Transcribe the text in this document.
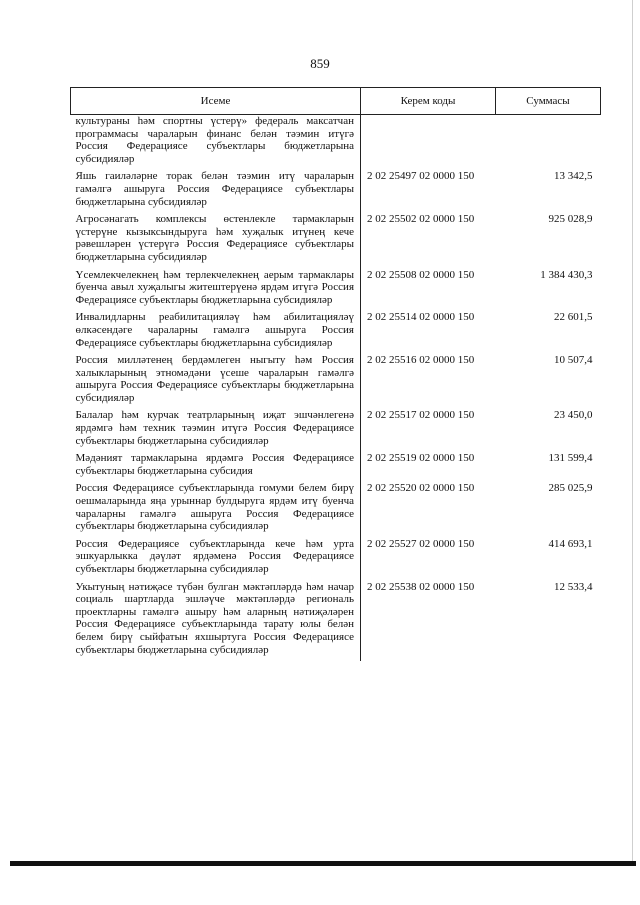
859
Исеме	Керем коды	Суммасы
культураны һәм спортны үстерү» федераль максатчан программасы чараларын финанс белән тәэмин итүгә Россия Федерациясе субъектлары бюджетларына субсидияләр		
Яшь гаиләләрне торак белән тәэмин итү чараларын гамәлгә ашыруга Россия Федерациясе субъектлары бюджетларына субсидияләр	2 02 25497 02 0000 150	13 342,5
Агросәнагать комплексы өстенлекле тармакларын үстерүне кызыксындыруга һәм хуҗалык итүнең кече рәвешләрен үстерүгә Россия Федерациясе субъектлары бюджетларына субсидияләр	2 02 25502 02 0000 150	925 028,9
Үсемлекчелекнең һәм терлекчелекнең аерым тармаклары буенча авыл хуҗалыгы житештерүенә ярдәм итүгә Россия Федерациясе субъектлары бюджетларына субсидияләр	2 02 25508 02 0000 150	1 384 430,3
Инвалидларны реабилитацияләү һәм абилитацияләү өлкәсендәге чараларны гамәлгә ашыруга Россия Федерациясе субъектлары бюджетларына субсидияләр	2 02 25514 02 0000 150	22 601,5
Россия милләтенең бердәмлеген ныгыту һәм Россия халыкларының этномәдәни үсеше чараларын гамәлгә ашыруга Россия Федерациясе субъектлары бюджетларына субсидияләр	2 02 25516 02 0000 150	10 507,4
Балалар һәм курчак театрларының иҗат эшчәнлегенә ярдәмгә һәм техник тәэмин итүгә Россия Федерациясе субъектлары бюджетларына субсидияләр	2 02 25517 02 0000 150	23 450,0
Мәдәният тармакларына ярдәмгә Россия Федерациясе субъектлары бюджетларына субсидия	2 02 25519 02 0000 150	131 599,4
Россия Федерациясе субъектларында гомуми белем бирү оешмаларында яңа урыннар булдыруга ярдәм итү буенча чараларны гамәлгә ашыруга Россия Федерациясе субъектлары бюджетларына субсидияләр	2 02 25520 02 0000 150	285 025,9
Россия Федерациясе субъектларында кече һәм урта эшкуарлыкка дәүләт ярдәменә Россия Федерациясе субъектлары бюджетларына субсидияләр	2 02 25527 02 0000 150	414 693,1
Укытуның нәтиҗәсе түбән булган мәктәпләрдә һәм начар социаль шартларда эшләүче мәктәпләрдә региональ проектларны гамәлгә ашыру һәм аларның нәтиҗәләрен Россия Федерациясе субъектларында тарату юлы белән белем бирү сыйфатын яхшыртуга Россия Федерациясе субъектлары бюджетларына субсидияләр	2 02 25538 02 0000 150	12 533,4
